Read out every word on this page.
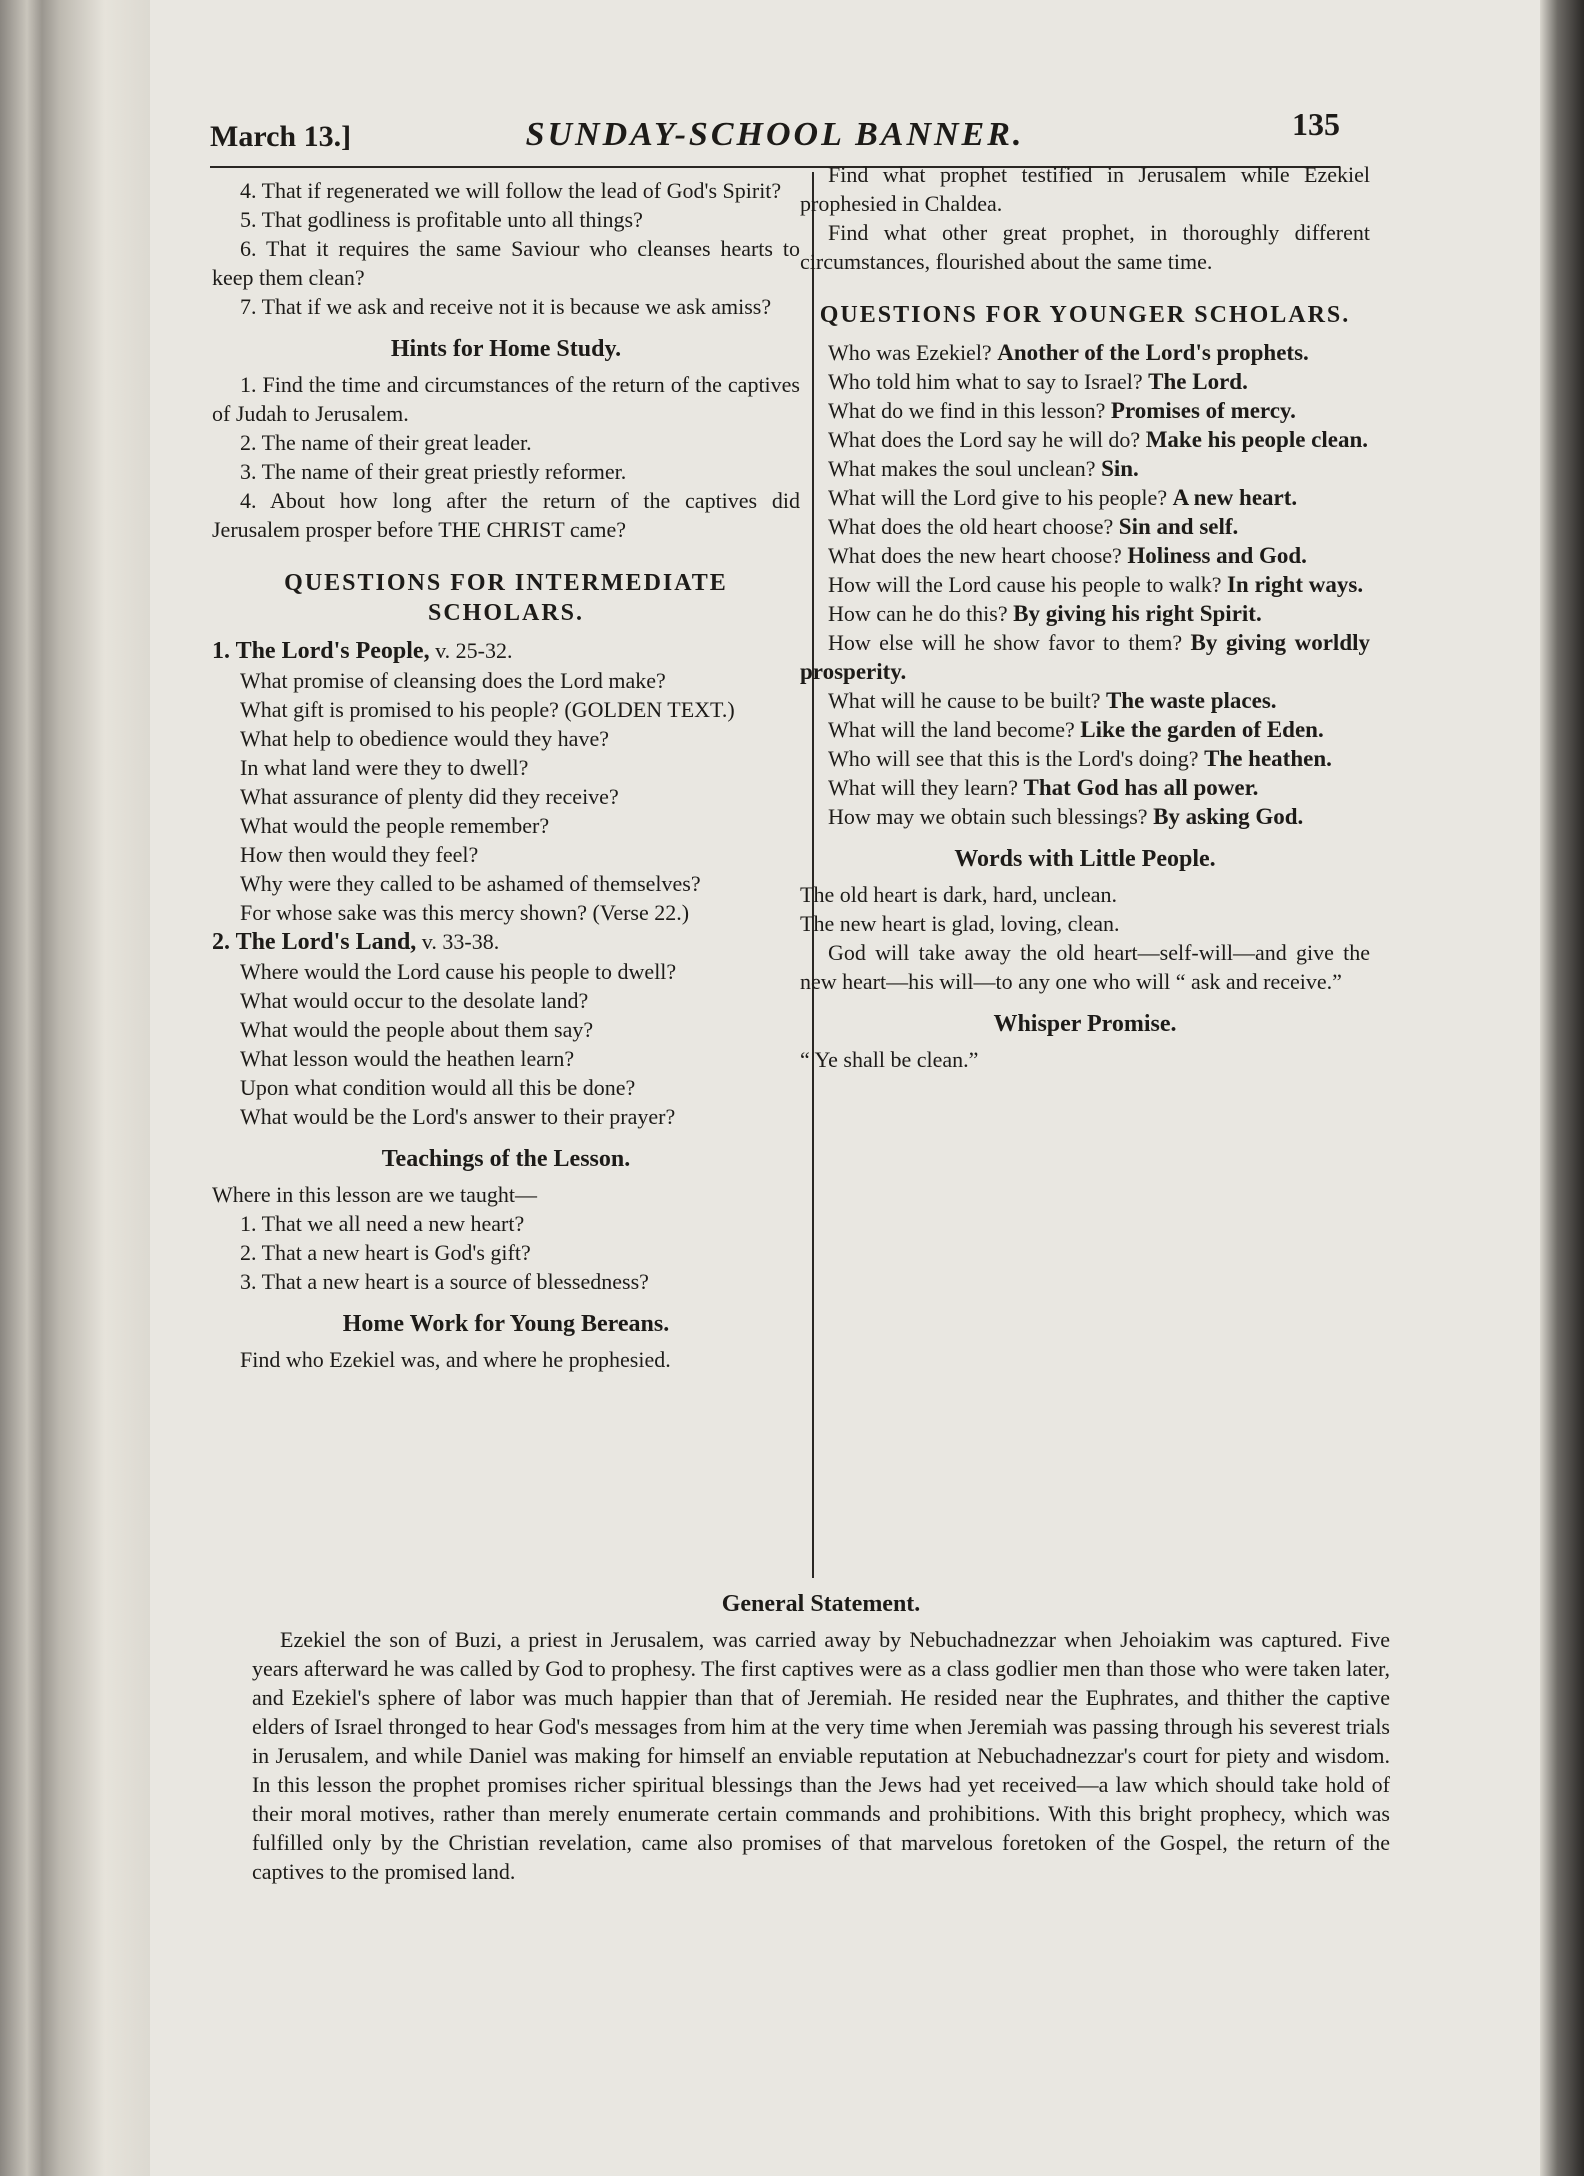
March 13.]	SUNDAY-SCHOOL BANNER.	135

4. That if regenerated we will follow the lead of God's Spirit?

5. That godliness is profitable unto all things?

6. That it requires the same Saviour who cleanses hearts to keep them clean?

7. That if we ask and receive not it is because we ask amiss?

Hints for Home Study.

1. Find the time and circumstances of the return of the captives of Judah to Jerusalem.

2. The name of their great leader.

3. The name of their great priestly reformer.

4. About how long after the return of the captives did Jerusalem prosper before THE CHRIST came?

QUESTIONS FOR INTERMEDIATE SCHOLARS.

1. The Lord's People, v. 25-32.

What promise of cleansing does the Lord make?

What gift is promised to his people? (GOLDEN TEXT.)

What help to obedience would they have?

In what land were they to dwell?

What assurance of plenty did they receive?

What would the people remember?

How then would they feel?

Why were they called to be ashamed of themselves?

For whose sake was this mercy shown? (Verse 22.)

2. The Lord's Land, v. 33-38.

Where would the Lord cause his people to dwell?

What would occur to the desolate land?

What would the people about them say?

What lesson would the heathen learn?

Upon what condition would all this be done?

What would be the Lord's answer to their prayer?

Teachings of the Lesson.

Where in this lesson are we taught—

1. That we all need a new heart?

2. That a new heart is God's gift?

3. That a new heart is a source of blessedness?

Home Work for Young Bereans.

Find who Ezekiel was, and where he prophesied.

Find what prophet testified in Jerusalem while Ezekiel prophesied in Chaldea.

Find what other great prophet, in thoroughly different circumstances, flourished about the same time.

QUESTIONS FOR YOUNGER SCHOLARS.

Who was Ezekiel? Another of the Lord's prophets.

Who told him what to say to Israel? The Lord.

What do we find in this lesson? Promises of mercy.

What does the Lord say he will do? Make his people clean.

What makes the soul unclean? Sin.

What will the Lord give to his people? A new heart.

What does the old heart choose? Sin and self.

What does the new heart choose? Holiness and God.

How will the Lord cause his people to walk? In right ways.

How can he do this? By giving his right Spirit.

How else will he show favor to them? By giving worldly prosperity.

What will he cause to be built? The waste places.

What will the land become? Like the garden of Eden.

Who will see that this is the Lord's doing? The heathen.

What will they learn? That God has all power.

How may we obtain such blessings? By asking God.

Words with Little People.

The old heart is dark, hard, unclean.

The new heart is glad, loving, clean.

God will take away the old heart—self-will—and give the new heart—his will—to any one who will “ ask and receive.”

Whisper Promise.

“ Ye shall be clean.”

General Statement.

Ezekiel the son of Buzi, a priest in Jerusalem, was carried away by Nebuchadnezzar when Jehoiakim was captured. Five years afterward he was called by God to prophesy. The first captives were as a class godlier men than those who were taken later, and Ezekiel's sphere of labor was much happier than that of Jeremiah. He resided near the Euphrates, and thither the captive elders of Israel thronged to hear God's messages from him at the very time when Jeremiah was passing through his severest trials in Jerusalem, and while Daniel was making for himself an enviable reputation at Nebuchadnezzar's court for piety and wisdom. In this lesson the prophet promises richer spiritual blessings than the Jews had yet received—a law which should take hold of their moral motives, rather than merely enumerate certain commands and prohibitions. With this bright prophecy, which was fulfilled only by the Christian revelation, came also promises of that marvelous foretoken of the Gospel, the return of the captives to the promised land.
